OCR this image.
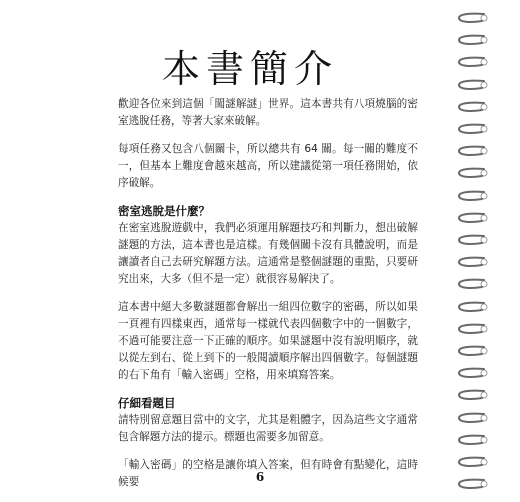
本書簡介

歡迎各位來到這個「闖謎解謎」世界。這本書共有八項燒腦的密室逃脫任務，等著大家來破解。

每項任務又包含八個關卡，所以總共有 64 關。每一關的難度不一，但基本上難度會越來越高，所以建議從第一項任務開始，依序破解。

密室逃脫是什麼？

在密室逃脫遊戲中，我們必須運用解題技巧和判斷力，想出破解謎題的方法，這本書也是這樣。有幾個關卡沒有具體說明，而是讓讀者自己去研究解題方法。這通常是整個謎題的重點，只要研究出來，大多（但不是一定）就很容易解決了。

這本書中絕大多數謎題都會解出一組四位數字的密碼，所以如果一頁裡有四樣東西，通常每一樣就代表四個數字中的一個數字，不過可能要注意一下正確的順序。如果謎題中沒有說明順序，就以從左到右、從上到下的一般閱讀順序解出四個數字。每個謎題的右下角有「輸入密碼」空格，用來填寫答案。

仔細看題目

請特別留意題目當中的文字，尤其是粗體字，因為這些文字通常包含解題方法的提示。標題也需要多加留意。

「輸入密碼」的空格是讓你填入答案，但有時會有點變化，這時候要	6
